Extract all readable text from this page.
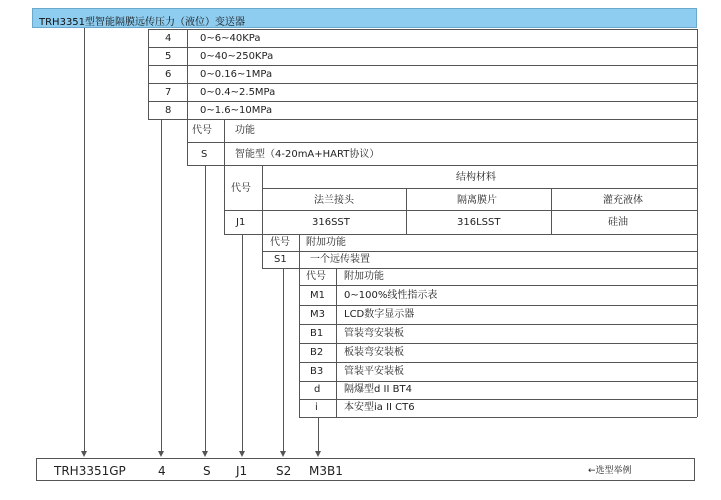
TRH3351型智能隔膜远传压力（液位）变送器
4	0~6~40KPa
5	0~40~250KPa
6	0~0.16~1MPa
7	0~0.4~2.5MPa
8	0~1.6~10MPa
代号 功能
S	智能型（4-20mA+HART协议）
代号
结构材料
法兰接头	隔离膜片	灌充液体
J1	316SST	316LSST	硅油
代号 附加功能
S1 一个远传装置
代号 附加功能
M1 0~100%线性指示表
M3 LCD数字显示器
B1 管装弯安装板
B2 板装弯安装板
B3 管装平安装板
d 隔爆型d II BT4
i	本安型ia II CT6
TRH3351GP	4	S J1 S2 M3B1	←选型举例
